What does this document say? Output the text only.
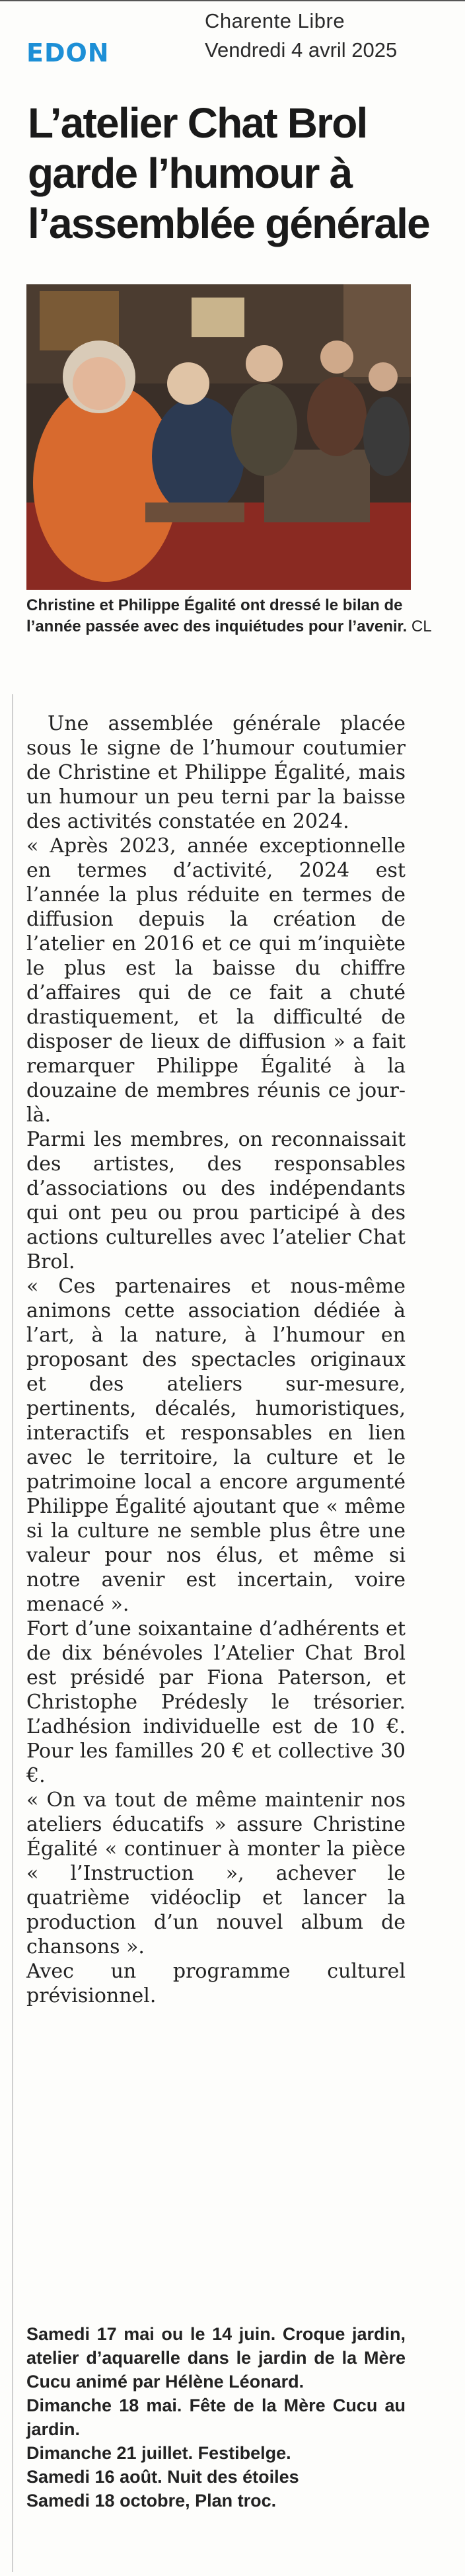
Charente Libre
EDON	Vendredi 4 avril 2025
L’atelier Chat Brol garde l’humour à l’assemblée générale
Christine et Philippe Égalité ont dressé le bilan de l’année passée avec des inquiétudes pour l’avenir. CL

Une assemblée générale placée sous le signe de l’humour coutumier de Christine et Philippe Égalité, mais un humour un peu terni par la baisse des activités constatée en 2024.

« Après 2023, année exceptionnelle en termes d’activité, 2024 est l’année la plus réduite en termes de diffusion depuis la création de l’atelier en 2016 et ce qui m’inquiète le plus est la baisse du chiffre d’affaires qui de ce fait a chuté drastiquement, et la difficulté de disposer de lieux de diffusion » a fait remarquer Philippe Égalité à la douzaine de membres réunis ce jour-là.

Parmi les membres, on reconnaissait des artistes, des responsables d’associations ou des indépendants qui ont peu ou prou participé à des actions culturelles avec l’atelier Chat Brol.

« Ces partenaires et nous-même animons cette association dédiée à l’art, à la nature, à l’humour en proposant des spectacles originaux et des ateliers sur-mesure, pertinents, décalés, humoristiques, interactifs et responsables en lien avec le territoire, la culture et le patrimoine local a encore argumenté Philippe Égalité ajoutant que « même si la culture ne semble plus être une valeur pour nos élus, et même si notre avenir est incertain, voire menacé ».

Fort d’une soixantaine d’adhérents et de dix bénévoles l’Atelier Chat Brol est présidé par Fiona Paterson, et Christophe Prédesly le trésorier. L’adhésion individuelle est de 10 €. Pour les familles 20 € et collective 30 €.

« On va tout de même maintenir nos ateliers éducatifs » assure Christine Égalité « continuer à monter la pièce « l’Instruction », achever le quatrième vidéoclip et lancer la production d’un nouvel album de chansons ».

Avec un programme culturel prévisionnel.

Samedi 17 mai ou le 14 juin. Croque jardin, atelier d’aquarelle dans le jardin de la Mère Cucu animé par Hélène Léonard.

Dimanche 18 mai. Fête de la Mère Cucu au jardin.

Dimanche 21 juillet. Festibelge.

Samedi 16 août. Nuit des étoiles

Samedi 18 octobre, Plan troc.
